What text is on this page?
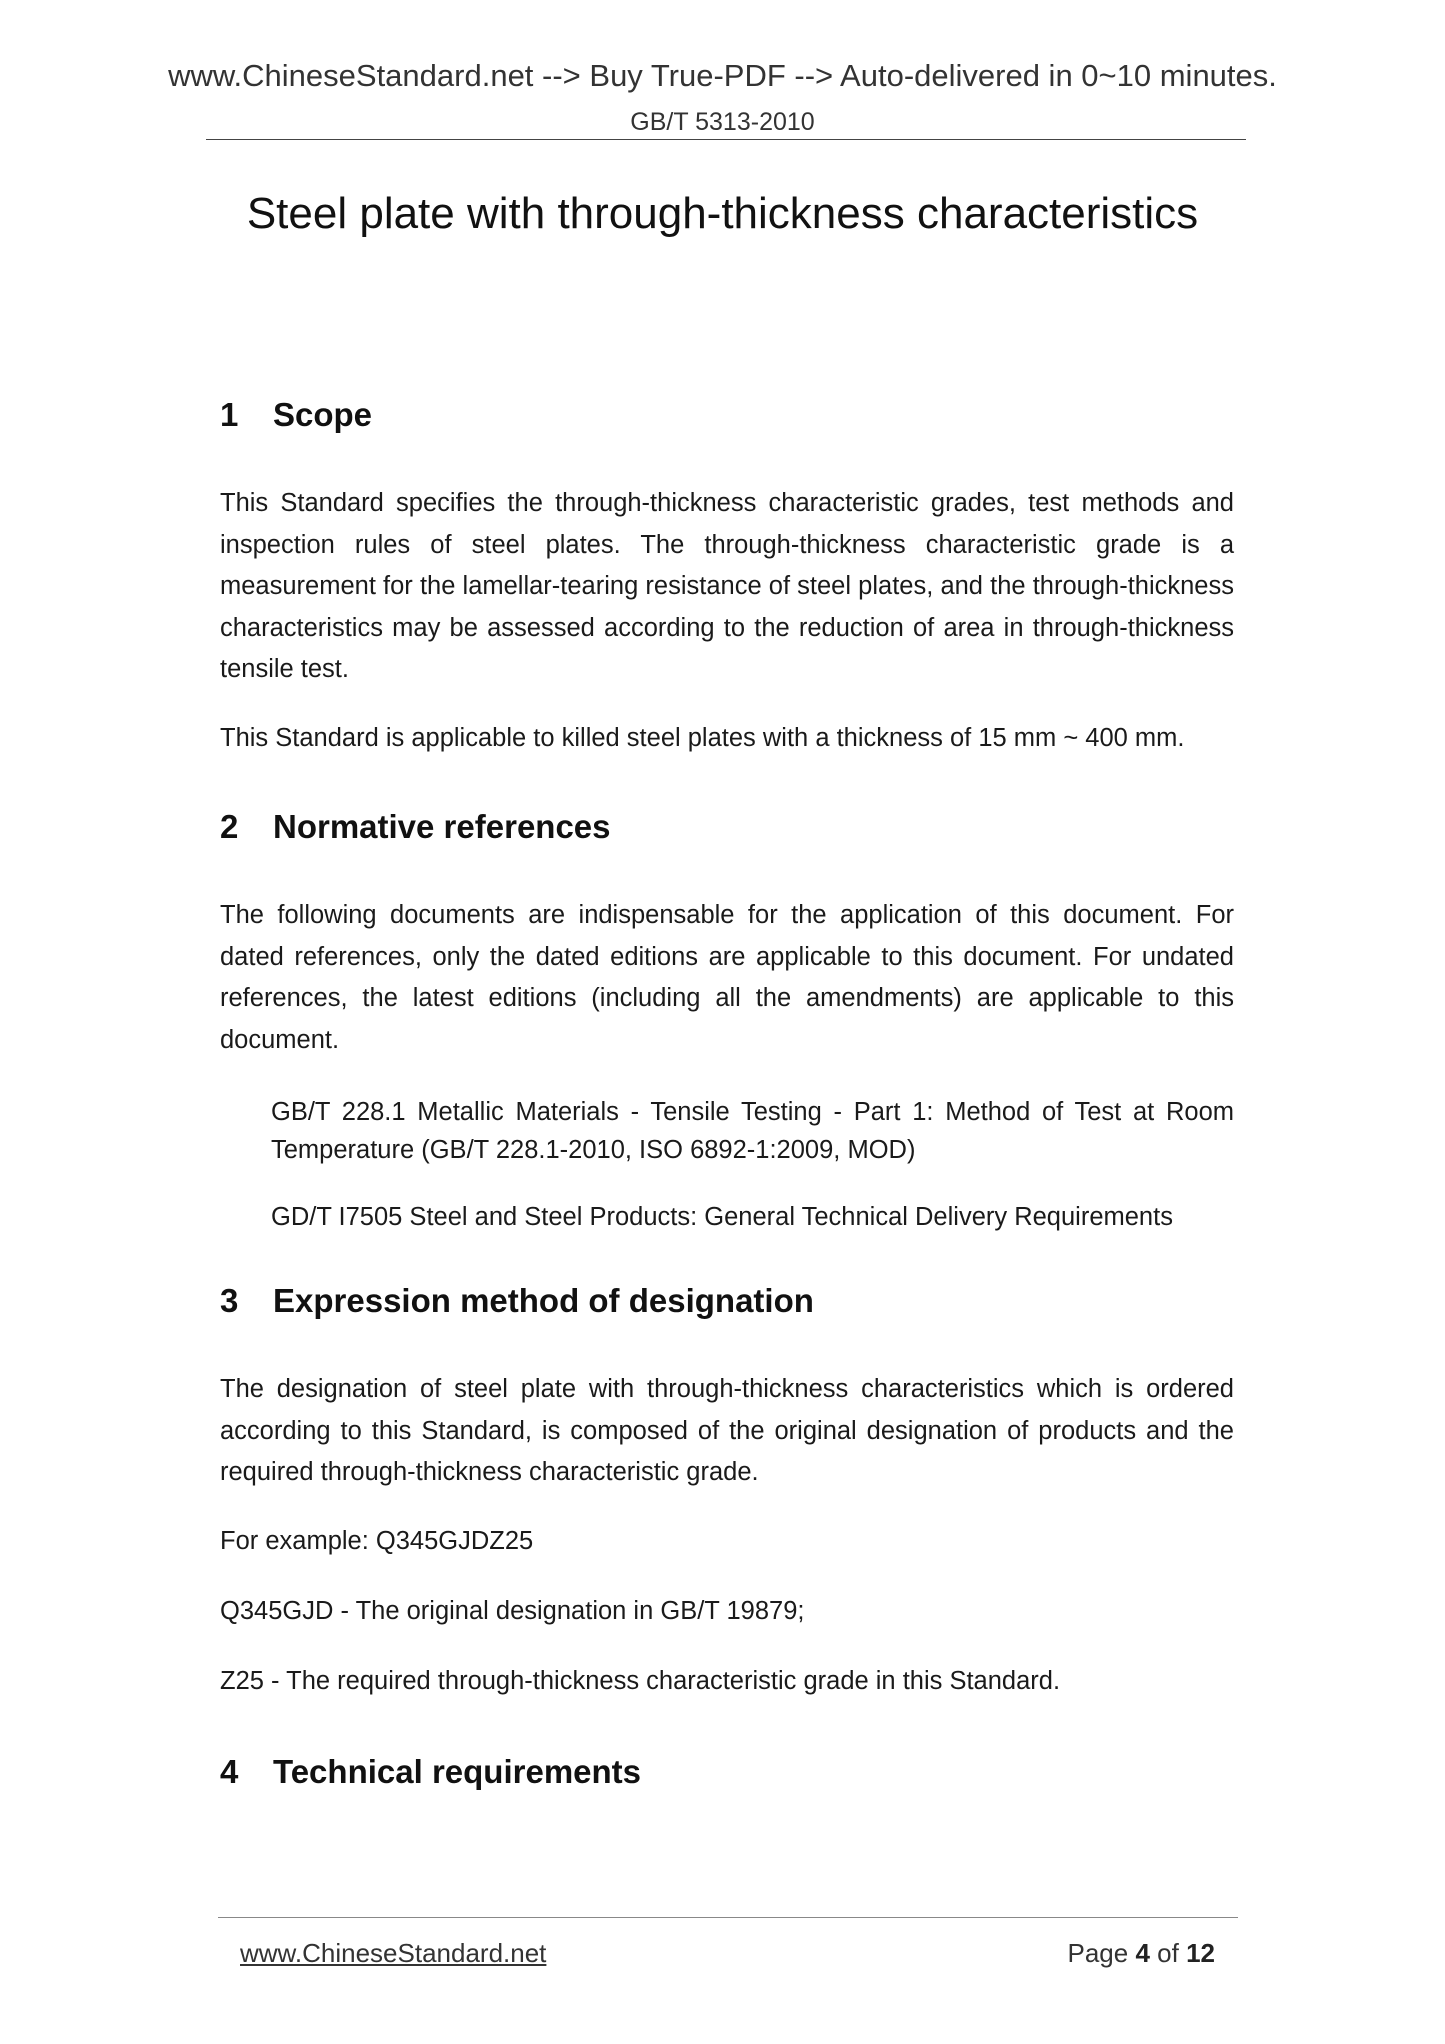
www.ChineseStandard.net --> Buy True-PDF --> Auto-delivered in 0~10 minutes.
GB/T 5313-2010
Steel plate with through-thickness characteristics
1 Scope
This Standard specifies the through-thickness characteristic grades, test methods and inspection rules of steel plates. The through-thickness characteristic grade is a measurement for the lamellar-tearing resistance of steel plates, and the through-thickness characteristics may be assessed according to the reduction of area in through-thickness tensile test.
This Standard is applicable to killed steel plates with a thickness of 15 mm ~ 400 mm.
2 Normative references
The following documents are indispensable for the application of this document. For dated references, only the dated editions are applicable to this document. For undated references, the latest editions (including all the amendments) are applicable to this document.
GB/T 228.1 Metallic Materials - Tensile Testing - Part 1: Method of Test at Room Temperature (GB/T 228.1-2010, ISO 6892-1:2009, MOD)
GD/T I7505 Steel and Steel Products: General Technical Delivery Requirements
3 Expression method of designation
The designation of steel plate with through-thickness characteristics which is ordered according to this Standard, is composed of the original designation of products and the required through-thickness characteristic grade.
For example: Q345GJDZ25
Q345GJD - The original designation in GB/T 19879;
Z25 - The required through-thickness characteristic grade in this Standard.
4 Technical requirements
www.ChineseStandard.net	Page 4 of 12
